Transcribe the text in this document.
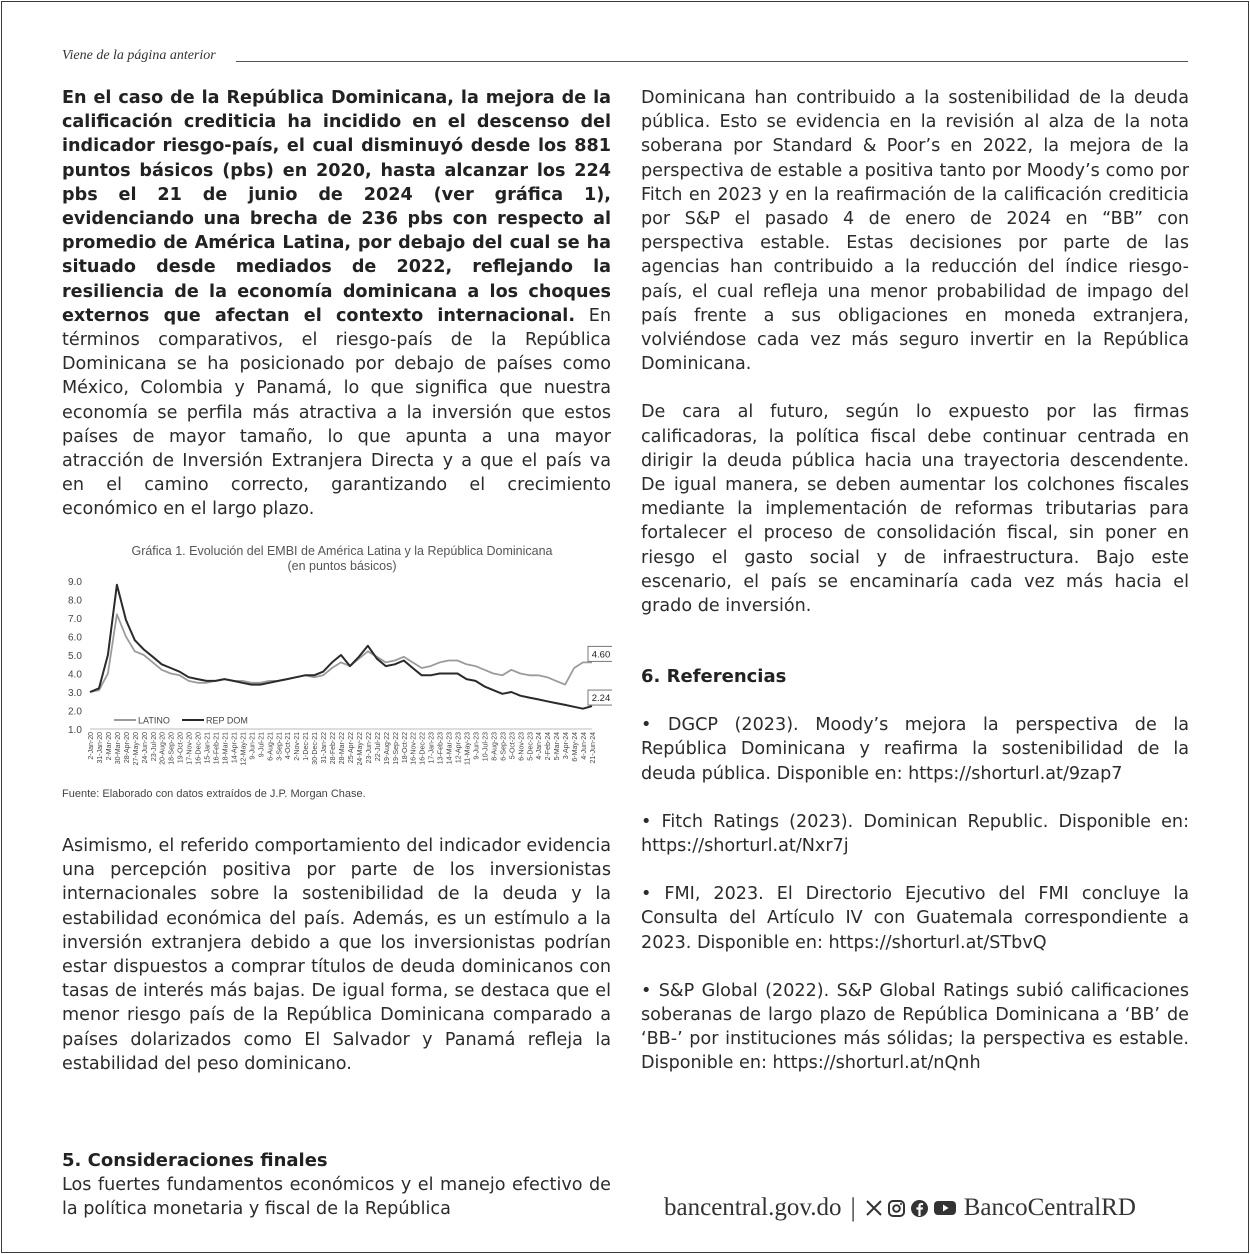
Viene de la página anterior

En el caso de la República Dominicana, la mejora de la calificación crediticia ha incidido en el descenso del indicador riesgo-país, el cual disminuyó desde los 881 puntos básicos (pbs) en 2020, hasta alcanzar los 224 pbs el 21 de junio de 2024 (ver gráfica 1), evidenciando una brecha de 236 pbs con respecto al promedio de América Latina, por debajo del cual se ha situado desde mediados de 2022, reflejando la resiliencia de la economía dominicana a los choques externos que afectan el contexto internacional. En términos comparativos, el riesgo-país de la República Dominicana se ha posicionado por debajo de países como México, Colombia y Panamá, lo que significa que nuestra economía se perfila más atractiva a la inversión que estos países de mayor tamaño, lo que apunta a una mayor atracción de Inversión Extranjera Directa y a que el país va en el camino correcto, garantizando el crecimiento económico en el largo plazo.

Gráfica 1. Evolución del EMBI de América Latina y la República Dominicana
(en puntos básicos)
9.0
8.0
7.0
6.0
5.0
4.0
3.0
2.0
1.0
2-Jan-20 31-Jan-20 2-Mar-20 30-Mar-20 28-Apr-20 27-May-20 24-Jun-20 23-Jul-20 20-Aug-20 18-Sep-20 19-Oct-20 17-Nov-20 16-Dec-20 15-Jan-21 16-Feb-21 18-Mar-21 14-Apr-21 12-May-21 9-Jun-21 9-Jul-21 6-Aug-21 3-Sep-21 4-Oct-21 2-Nov-21 1-Dec-21 30-Dec-21 31-Jan-22 28-Feb-22 28-Mar-22 25-Apr-22 24-May-22 23-Jun-22 22-Jul-22 19-Aug-22 19-Sep-22 18-Oct-22 16-Nov-22 16-Dec-22 17-Jan-23 13-Feb-23 14-Mar-23 12-Apr-23 11-May-23 9-Jun-23 10-Jul-23 8-Aug-23 6-Sep-23 5-Oct-23 6-Nov-23 5-Dec-23 4-Jan-24 2-Feb-24 5-Mar-24 3-Apr-24 6-May-24 4-Jun-24 21-Jun-24
4.60
2.24
LATINO	REP DOM
Fuente: Elaborado con datos extraídos de J.P. Morgan Chase.

Asimismo, el referido comportamiento del indicador evidencia una percepción positiva por parte de los inversionistas internacionales sobre la sostenibilidad de la deuda y la estabilidad económica del país. Además, es un estímulo a la inversión extranjera debido a que los inversionistas podrían estar dispuestos a comprar títulos de deuda dominicanos con tasas de interés más bajas. De igual forma, se destaca que el menor riesgo país de la República Dominicana comparado a países dolarizados como El Salvador y Panamá refleja la estabilidad del peso dominicano.

5. Consideraciones finales

Los fuertes fundamentos económicos y el manejo efectivo de la política monetaria y fiscal de la República

Dominicana han contribuido a la sostenibilidad de la deuda pública. Esto se evidencia en la revisión al alza de la nota soberana por Standard & Poor’s en 2022, la mejora de la perspectiva de estable a positiva tanto por Moody’s como por Fitch en 2023 y en la reafirmación de la calificación crediticia por S&P el pasado 4 de enero de 2024 en “BB” con perspectiva estable. Estas decisiones por parte de las agencias han contribuido a la reducción del índice riesgo-país, el cual refleja una menor probabilidad de impago del país frente a sus obligaciones en moneda extranjera, volviéndose cada vez más seguro invertir en la República Dominicana.

De cara al futuro, según lo expuesto por las firmas calificadoras, la política fiscal debe continuar centrada en dirigir la deuda pública hacia una trayectoria descendente. De igual manera, se deben aumentar los colchones fiscales mediante la implementación de reformas tributarias para fortalecer el proceso de consolidación fiscal, sin poner en riesgo el gasto social y de infraestructura. Bajo este escenario, el país se encaminaría cada vez más hacia el grado de inversión.

6. Referencias

• DGCP (2023). Moody’s mejora la perspectiva de la República Dominicana y reafirma la sostenibilidad de la deuda pública. Disponible en: https://shorturl.at/9zap7

• Fitch Ratings (2023). Dominican Republic. Disponible en: https://shorturl.at/Nxr7j

• FMI, 2023. El Directorio Ejecutivo del FMI concluye la Consulta del Artículo IV con Guatemala correspondiente a 2023. Disponible en: https://shorturl.at/STbvQ

• S&P Global (2022). S&P Global Ratings subió calificaciones soberanas de largo plazo de República Dominicana a ‘BB’ de ‘BB-’ por instituciones más sólidas; la perspectiva es estable. Disponible en: https://shorturl.at/nQnh

bancentral.gov.do |	BancoCentralRD
